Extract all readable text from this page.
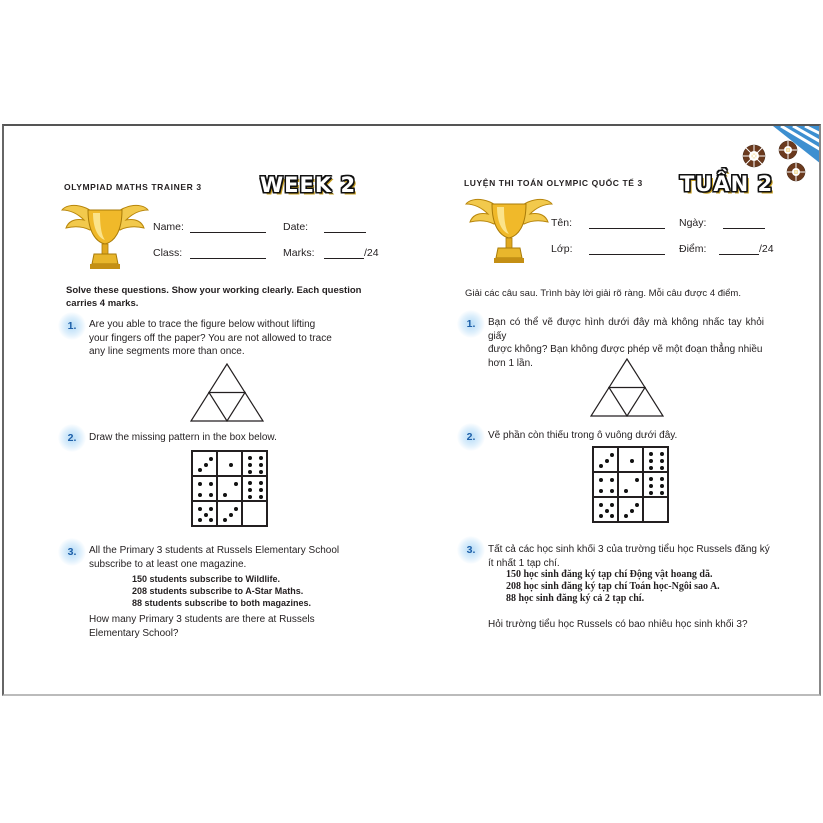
OLYMPIAD MATHS TRAINER 3	WEEK 2
Name:	Date:
Class:	Marks:	/24
Solve these questions. Show your working clearly. Each question
carries 4 marks.
1.	Are you able to trace the figure below without lifting
your fingers off the paper? You are not allowed to trace
any line segments more than once.
2.	Draw the missing pattern in the box below.
3.	All the Primary 3 students at Russels Elementary School
subscribe to at least one magazine.
150 students subscribe to Wildlife.
208 students subscribe to A-Star Maths.
88 students subscribe to both magazines.
How many Primary 3 students are there at Russels
Elementary School?
LUYỆN THI TOÁN OLYMPIC QUỐC TẾ 3 TUẦN 2
Tên:	Ngày:
Lớp:	Điểm:	/24
Giải các câu sau. Trình bày lời giải rõ ràng. Mỗi câu được 4 điểm.
1.	Bạn có thể vẽ được hình dưới đây mà không nhấc tay khỏi giấy
được không? Bạn không được phép vẽ một đoạn thẳng nhiều
hơn 1 lần.
2.	Vẽ phần còn thiếu trong ô vuông dưới đây.
3.	Tất cả các học sinh khối 3 của trường tiểu học Russels đăng ký
ít nhất 1 tạp chí.
150 học sinh đăng ký tạp chí Động vật hoang dã.
208 học sinh đăng ký tạp chí Toán học-Ngôi sao A.
88 học sinh đăng ký cả 2 tạp chí.
Hỏi trường tiểu học Russels có bao nhiêu học sinh khối 3?
